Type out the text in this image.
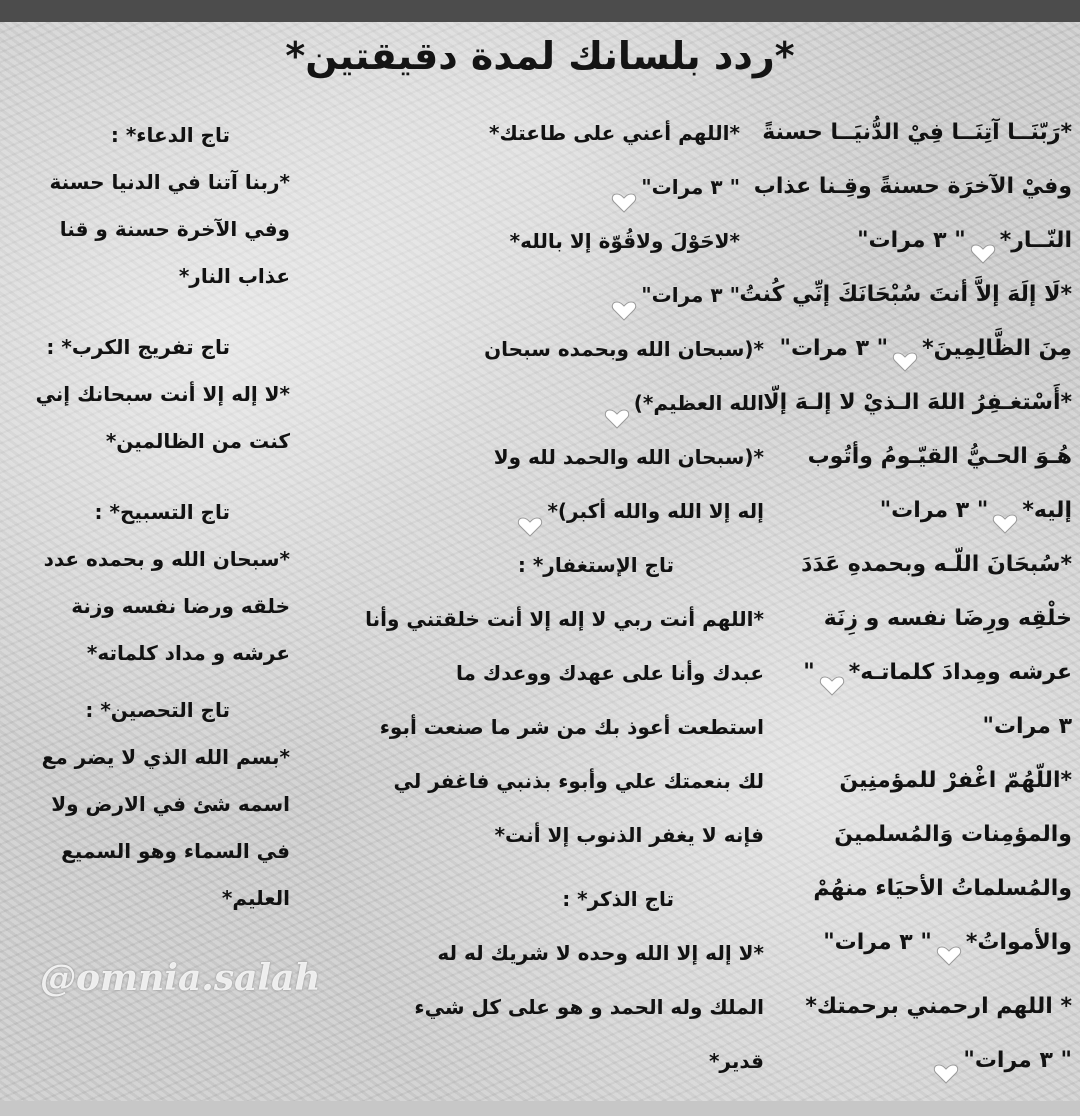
*ردد بلسانك لمدة دقيقتين*
*رَبّنَــا آتِنَــا فِيْ الدُّنيَــا حسنةً
وفيْ الآخرَة حسنةً وقِـنا عذاب
النّــار*" ٣ مرات"
*لَا إلَهَ إلاَّ أنتَ سُبْحَانَكَ إنِّي كُنتُ
مِنَ الظَّالِمِينَ*" ٣ مرات"
*أَسْتغـفِرُ اللهَ الـذيْ لا إلـهَ إلّا
هُـوَ الحـيُّ القيّـومُ وأتُوب
إليه*" ٣ مرات"
*سُبحَانَ اللّـه وبحمدهِ عَدَدَ
خلْقِه ورِضَا نفسه و زِنَة
عرشه ومِدادَ كلماتـه*"
٣ مرات"
*اللّهُمّ اغْفرْ للمؤمنِينَ
والمؤمِنات وَالمُسلمينَ
والمُسلماتُ الأحيَاء منهُمْ
والأمواتُ*" ٣ مرات"
* اللهم ارحمني برحمتك*
" ٣ مرات"
*اللهم أعني على طاعتك*
" ٣ مرات"
*لاحَوْلَ ولاقُوّة إلا بالله*
" ٣ مرات"
*(سبحان الله وبحمده سبحان
الله العظيم*)
*(سبحان الله والحمد لله ولا
إله إلا الله والله أكبر)*
تاج الإستغفار* :
*اللهم أنت ربي لا إله إلا أنت خلقتني وأنا
عبدك وأنا على عهدك ووعدك ما
استطعت أعوذ بك من شر ما صنعت أبوء
لك بنعمتك علي وأبوء بذنبي فاغفر لي
فإنه لا يغفر الذنوب إلا أنت*
تاج الذكر* :
*لا إله إلا الله وحده لا شريك له له
الملك وله الحمد و هو على كل شيء
قدير*
تاج الدعاء* :
*ربنا آتنا في الدنيا حسنة
وفي الآخرة حسنة و قنا
عذاب النار*
تاج تفريج الكرب* :
*لا إله إلا أنت سبحانك إني
كنت من الظالمين*
تاج التسبيح* :
*سبحان الله و بحمده عدد
خلقه ورضا نفسه وزنة
عرشه و مداد كلماته*
تاج التحصين* :
*بسم الله الذي لا يضر مع
اسمه شئ في الارض ولا
في السماء وهو السميع
العليم*
@omnia.salah
